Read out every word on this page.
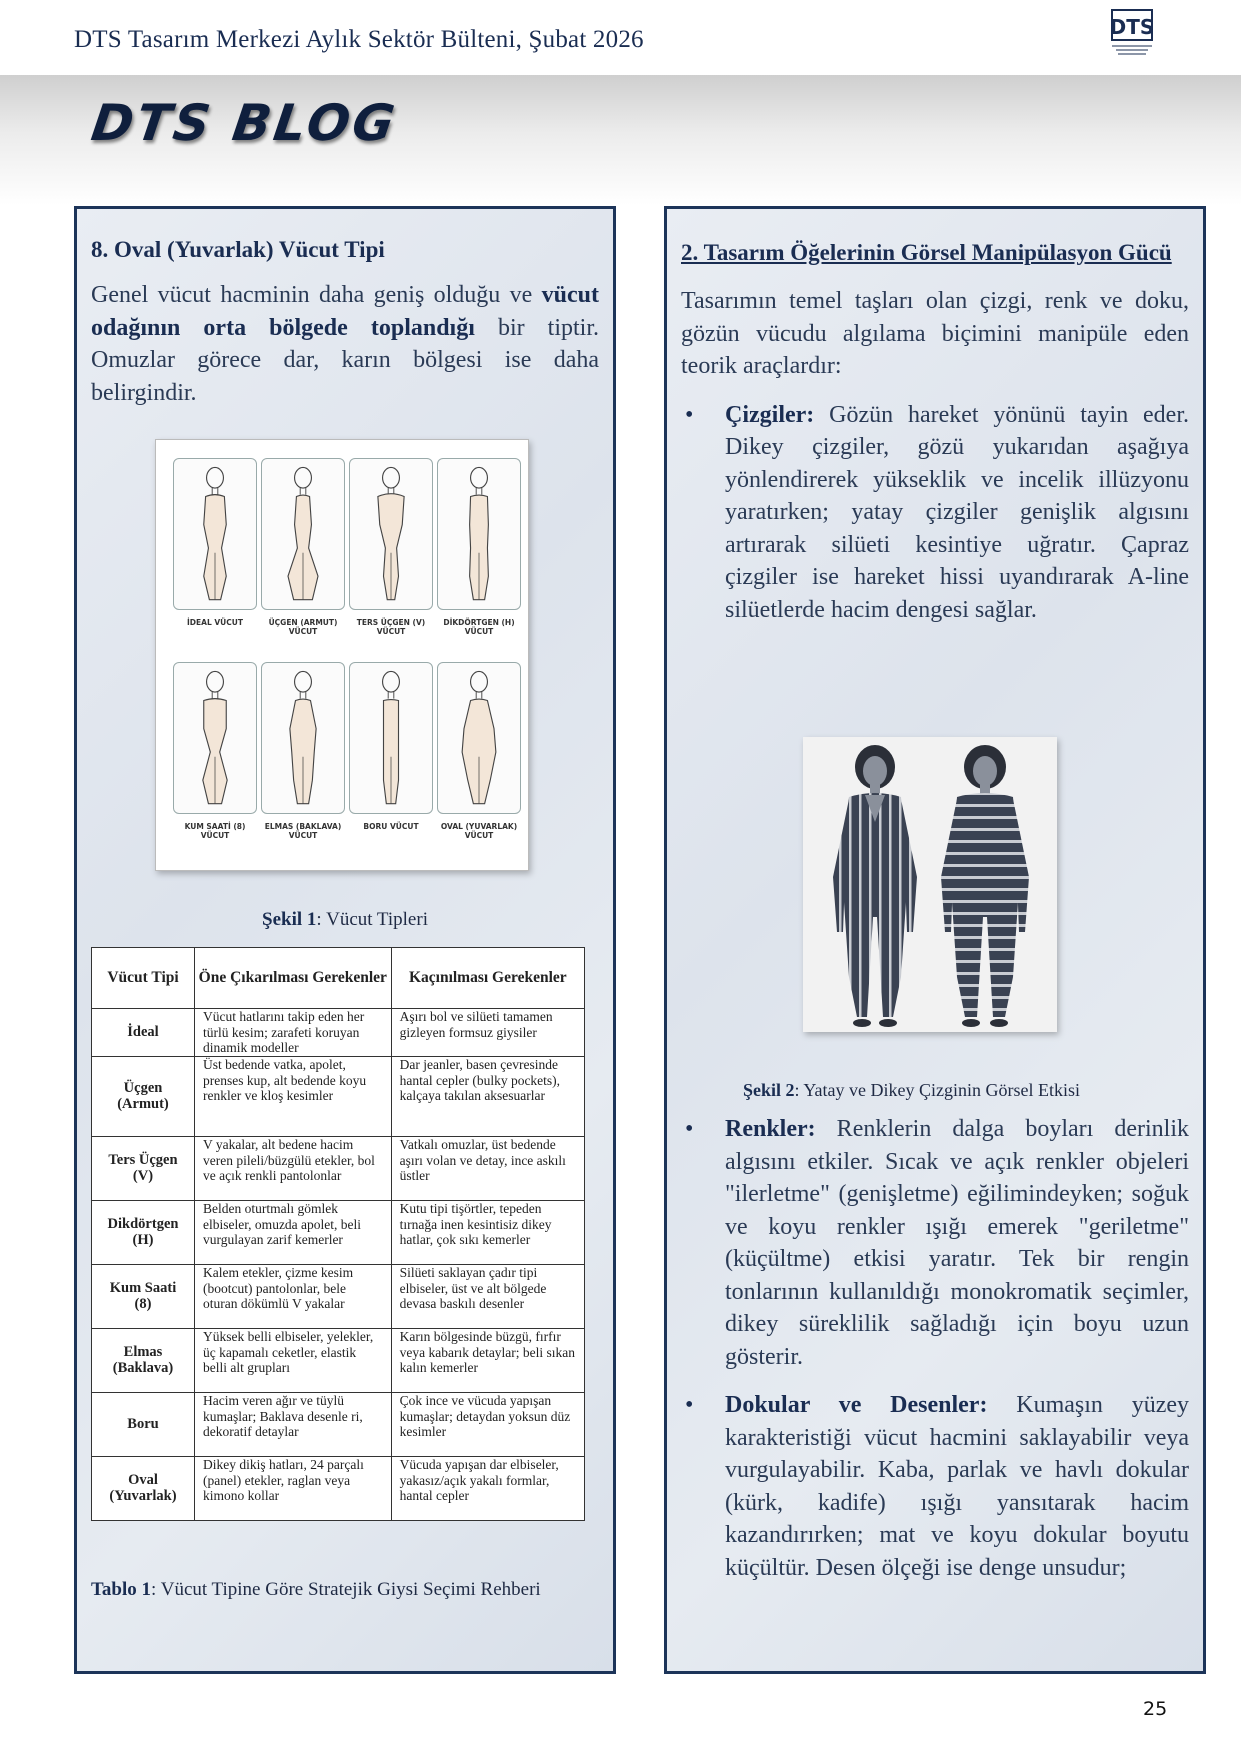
DTS Tasarım Merkezi Aylık Sektör Bülteni, Şubat 2026	DTS
DTS BLOG
8. Oval (Yuvarlak) Vücut Tipi
Genel vücut hacminin daha geniş olduğu ve vücut odağının orta bölgede toplandığı bir tiptir. Omuzlar görece dar, karın bölgesi ise daha belirgindir.
İDEAL VÜCUT	ÜÇGEN (ARMUT) VÜCUT
TERS ÜÇGEN (V) VÜCUT
DİKDÖRTGEN (H) VÜCUT
KUM SAATİ (8) VÜCUT
ELMAS (BAKLAVA) VÜCUT
BORU VÜCUT	OVAL (YUVARLAK) VÜCUT
Şekil 1: Vücut Tipleri
Vücut Tipi	Öne Çıkarılması Gerekenler	Kaçınılması Gerekenler
İdeal	Vücut hatlarını takip eden her türlü kesim; zarafeti koruyan dinamik modeller	Aşırı bol ve silüeti tamamen gizleyen formsuz giysiler
Üçgen (Armut)	Üst bedende vatka, apolet, prenses kup, alt bedende koyu renkler ve kloş kesimler	Dar jeanler, basen çevresinde hantal cepler (bulky pockets), kalçaya takılan aksesuarlar
Ters Üçgen (V)	V yakalar, alt bedene hacim veren pileli/büzgülü etekler, bol ve açık renkli pantolonlar	Vatkalı omuzlar, üst bedende aşırı volan ve detay, ince askılı üstler
Dikdörtgen (H)	Belden oturtmalı gömlek elbiseler, omuzda apolet, beli vurgulayan zarif kemerler	Kutu tipi tişörtler, tepeden tırnağa inen kesintisiz dikey hatlar, çok sıkı kemerler
Kum Saati (8)	Kalem etekler, çizme kesim (bootcut) pantolonlar, bele oturan dökümlü V yakalar	Silüeti saklayan çadır tipi elbiseler, üst ve alt bölgede devasa baskılı desenler
Elmas (Baklava)	Yüksek belli elbiseler, yelekler, üç kapamalı ceketler, elastik belli alt grupları	Karın bölgesinde büzgü, fırfır veya kabarık detaylar; beli sıkan kalın kemerler
Boru	Hacim veren ağır ve tüylü kumaşlar; Baklava desenle ri, dekoratif detaylar	Çok ince ve vücuda yapışan kumaşlar; detaydan yoksun düz kesimler
Oval (Yuvarlak)	Dikey dikiş hatları, 24 parçalı (panel) etekler, raglan veya kimono kollar	Vücuda yapışan dar elbiseler, yakasız/açık yakalı formlar, hantal cepler
Tablo 1: Vücut Tipine Göre Stratejik Giysi Seçimi Rehberi
2. Tasarım Öğelerinin Görsel Manipülasyon Gücü
Tasarımın temel taşları olan çizgi, renk ve doku, gözün vücudu algılama biçimini manipüle eden teorik araçlardır:
• Çizgiler: Gözün hareket yönünü tayin eder. Dikey çizgiler, gözü yukarıdan aşağıya yönlendirerek yükseklik ve incelik illüzyonu yaratırken; yatay çizgiler genişlik algısını artırarak silüeti kesintiye uğratır. Çapraz çizgiler ise hareket hissi uyandırarak A-line silüetlerde hacim dengesi sağlar.
Şekil 2: Yatay ve Dikey Çizginin Görsel Etkisi
• Renkler: Renklerin dalga boyları derinlik algısını etkiler. Sıcak ve açık renkler objeleri "ilerletme" (genişletme) eğilimindeyken; soğuk ve koyu renkler ışığı emerek "geriletme" (küçültme) etkisi yaratır. Tek bir rengin tonlarının kullanıldığı monokromatik seçimler, dikey süreklilik sağladığı için boyu uzun gösterir.
• Dokular ve Desenler: Kumaşın yüzey karakteristiği vücut hacmini saklayabilir veya vurgulayabilir. Kaba, parlak ve havlı dokular (kürk, kadife) ışığı yansıtarak hacim kazandırırken; mat ve koyu dokular boyutu küçültür. Desen ölçeği ise denge unsudur;
25
